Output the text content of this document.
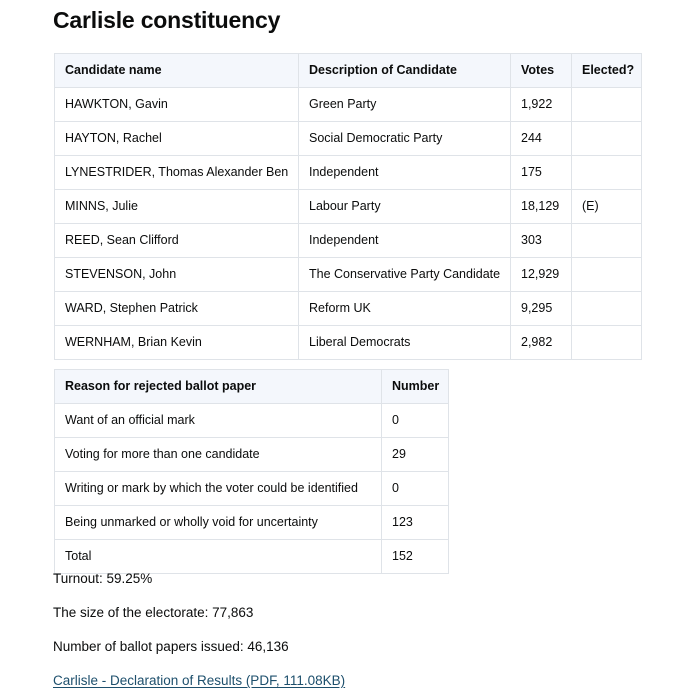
Carlisle constituency
Candidate name	Description of Candidate	Votes	Elected?
HAWKTON, Gavin	Green Party	1,922	
HAYTON, Rachel	Social Democratic Party	244	
LYNESTRIDER, Thomas Alexander Ben	Independent	175	
MINNS, Julie	Labour Party	18,129	(E)
REED, Sean Clifford	Independent	303	
STEVENSON, John	The Conservative Party Candidate	12,929	
WARD, Stephen Patrick	Reform UK	9,295	
WERNHAM, Brian Kevin	Liberal Democrats	2,982	
Reason for rejected ballot paper	Number
Want of an official mark	0
Voting for more than one candidate	29
Writing or mark by which the voter could be identified	0
Being unmarked or wholly void for uncertainty	123
Total	152

Turnout: 59.25%

The size of the electorate: 77,863

Number of ballot papers issued: 46,136

Carlisle - Declaration of Results (PDF, 111.08KB)
